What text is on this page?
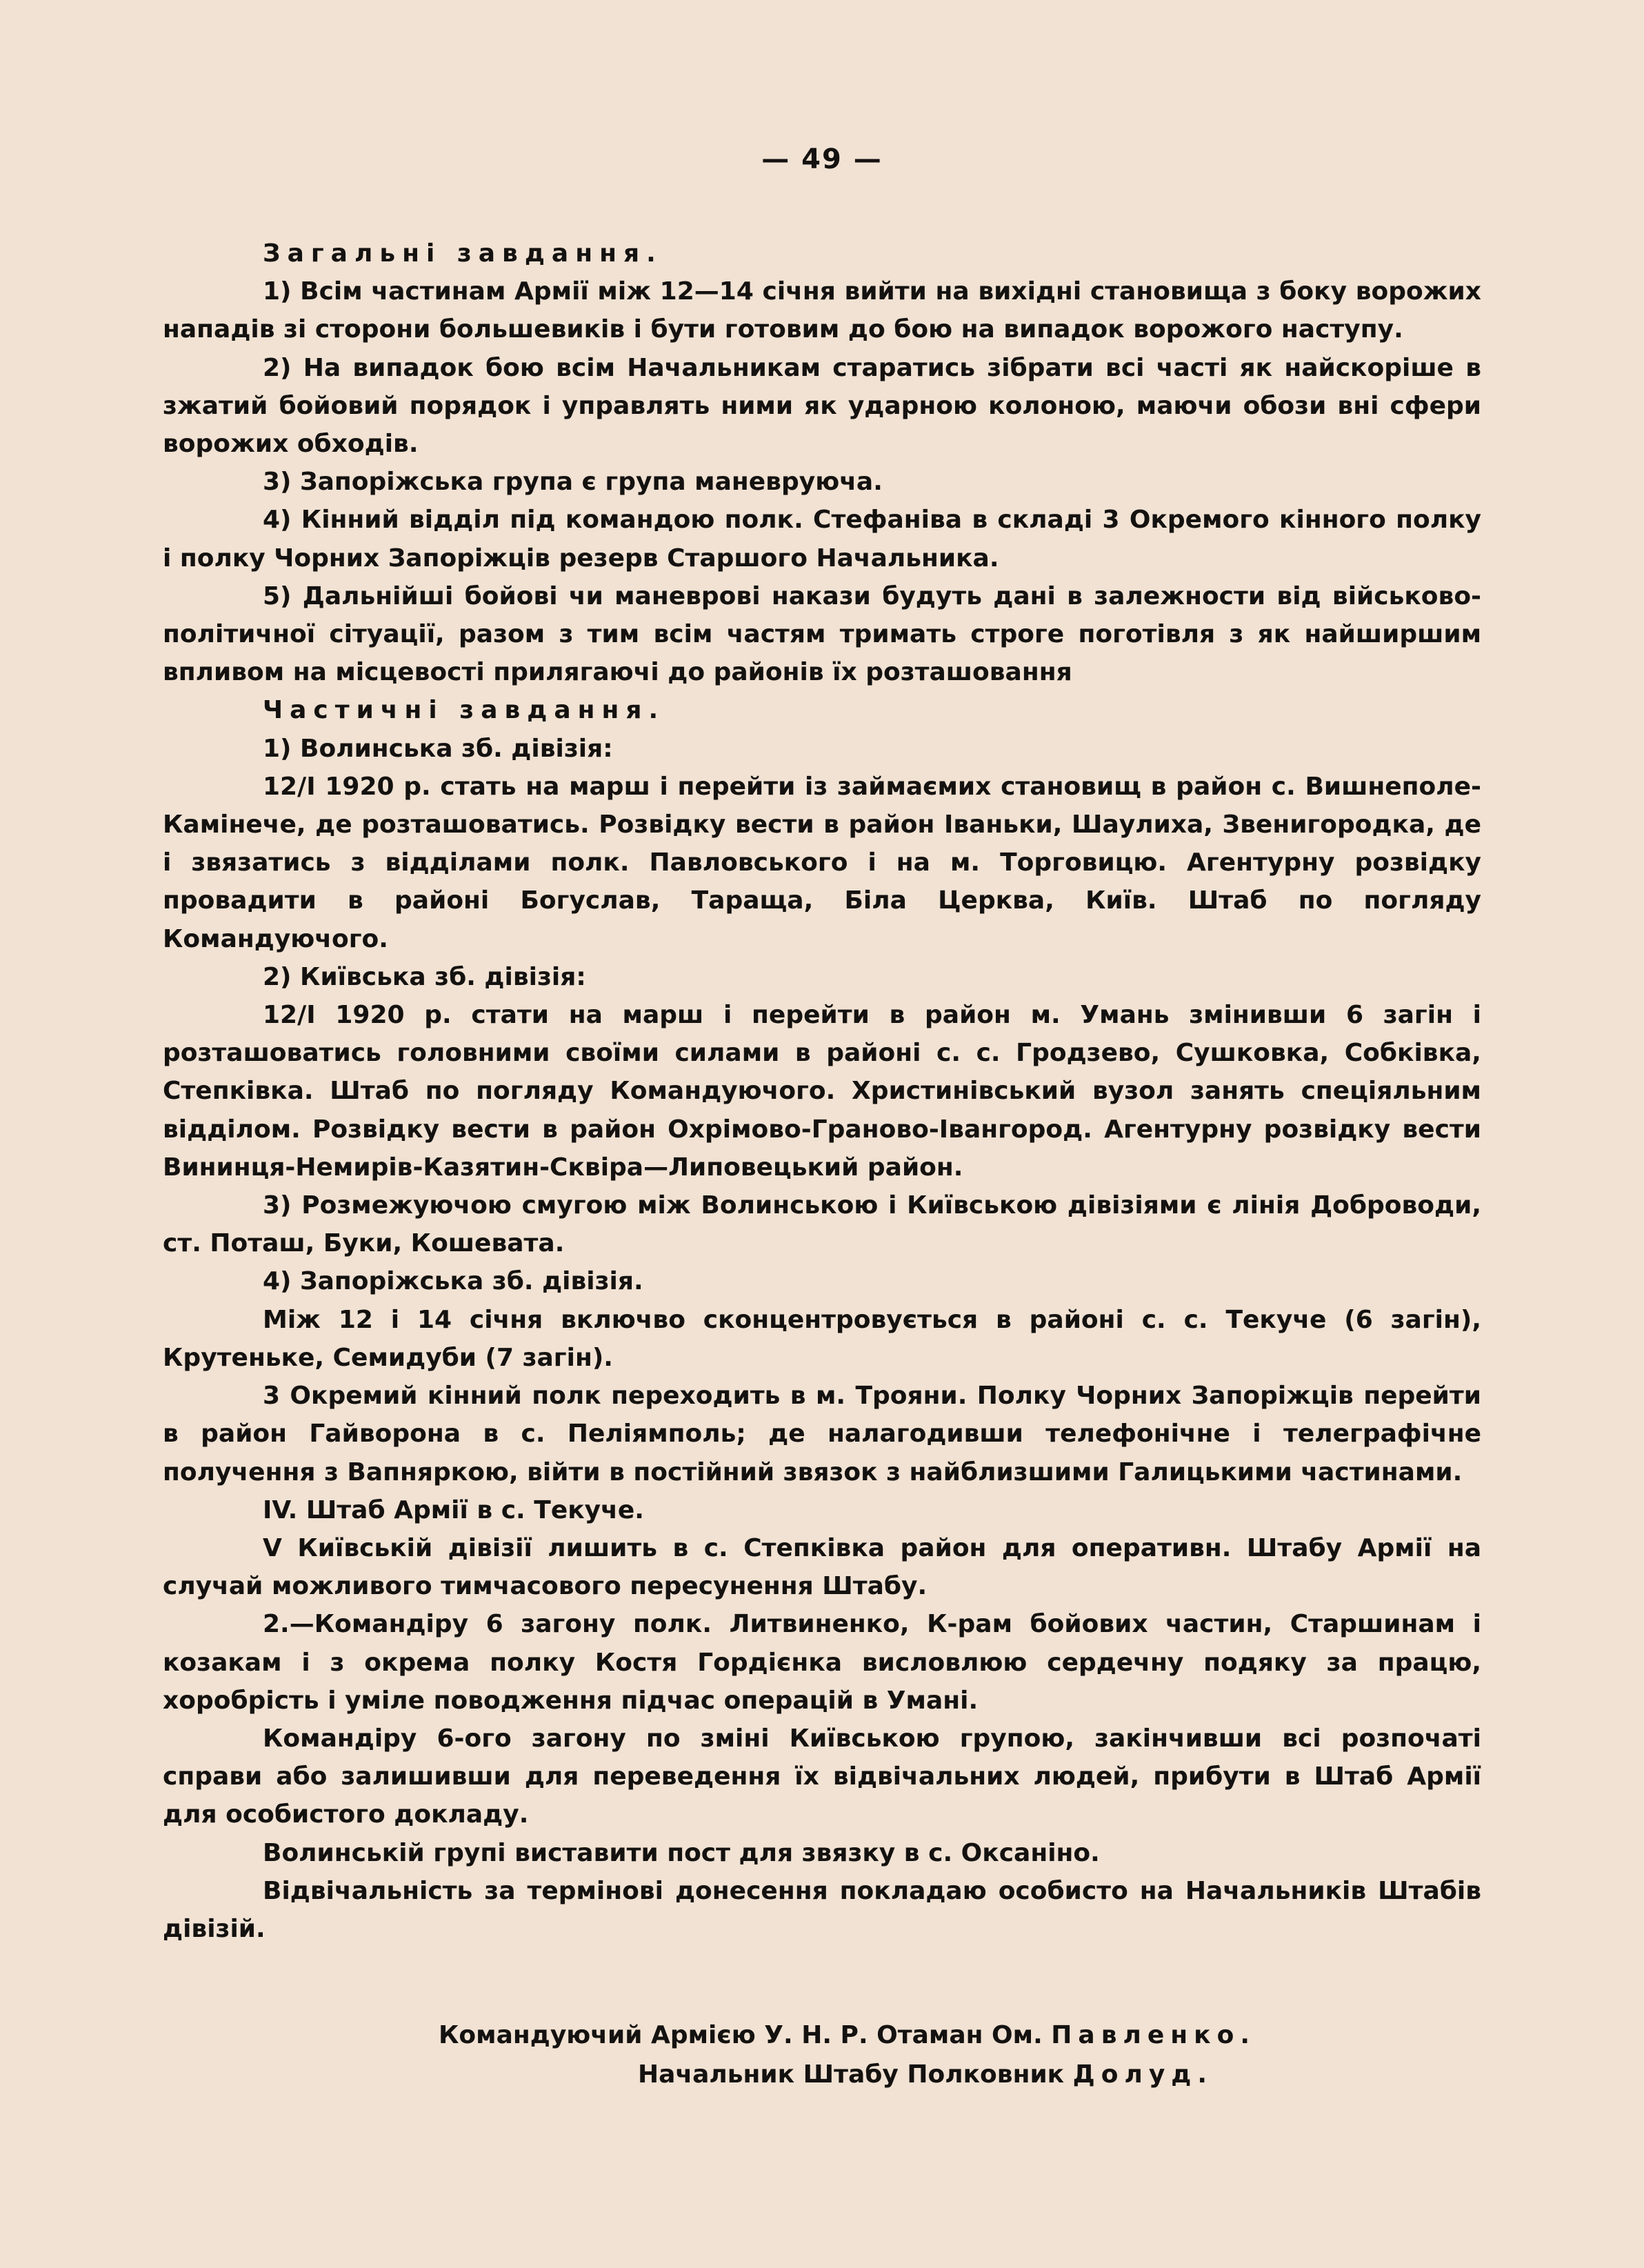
— 49 —

Загальні завдання.

1) Всім частинам Армії між 12—14 січня вийти на вихідні становища з боку ворожих нападів зі сторони большевиків і бути готовим до бою на випадок ворожого наступу.

2) На випадок бою всім Начальникам старатись зібрати всі часті як найскоріше в зжатий бойовий порядок і управлять ними як ударною колоною, маючи обози вні сфери ворожих обходів.

3) Запоріжська група є група маневруюча.

4) Кінний відділ під командою полк. Стефаніва в складі 3 Окремого кінного полку і полку Чорних Запоріжців резерв Старшого Начальника.

5) Дальнійші бойові чи маневрові накази будуть дані в залежности від військово-політичної сітуації, разом з тим всім частям тримать строге поготівля з як найширшим впливом на місцевості прилягаючі до районів їх розташовання

Частичні завдання.

1) Волинська зб. дівізія:

12/І 1920 р. стать на марш і перейти із займаємих становищ в район с. Вишнеполе-Камінече, де розташоватись. Розвідку вести в район Іваньки, Шаулиха, Звенигородка, де і звязатись з відділами полк. Павловського і на м. Торговицю. Агентурну розвідку провадити в районі Богуслав, Тараща, Біла Церква, Київ. Штаб по погляду Командуючого.

2) Київська зб. дівізія:

12/І 1920 р. стати на марш і перейти в район м. Умань змінивши 6 загін і розташоватись головними своїми силами в районі с. с. Гродзево, Сушковка, Собківка, Степківка. Штаб по погляду Командуючого. Христинівський вузол занять спеціяльним відділом. Розвідку вести в район Охрімово-Граново-Івангород. Агентурну розвідку вести Вининця-Немирів-Казятин-Сквіра—Липовецький район.

3) Розмежуючою смугою між Волинською і Київською дівізіями є лінія Доброводи, ст. Поташ, Буки, Кошевата.

4) Запоріжська зб. дівізія.

Між 12 і 14 січня включво сконцентровується в районі с. с. Текуче (6 загін), Крутеньке, Семидуби (7 загін).

3 Окремий кінний полк переходить в м. Трояни. Полку Чорних Запоріжців перейти в район Гайворона в с. Пелiямполь; де налагодивши телефонічне і телеграфічне получення з Вапняркою, війти в постійний звязок з найблизшими Галицькими частинами.

IV. Штаб Армії в с. Текуче.

V Київській дівізії лишить в с. Степківка район для оперативн. Штабу Армії на случай можливого тимчасового пересунення Штабу.

2.—Командіру 6 загону полк. Литвиненко, К-рам бойових частин, Старшинам і козакам і з окрема полку Костя Гордієнка висловлюю сердечну подяку за працю, хоробрість і уміле поводження підчас операцій в Умані.

Командіру 6-ого загону по зміні Київською групою, закінчивши всі розпочаті справи або залишивши для переведення їх відвічальних людей, прибути в Штаб Армії для особистого докладу.

Волинській групі виставити пост для звязку в с. Оксаніно.

Відвічальність за термінові донесення покладаю особисто на Начальників Штабів дівізій.

Командуючий Армією У. Н. Р. Отаман Ом. Павленко.
Начальник Штабу Полковник Долуд.
